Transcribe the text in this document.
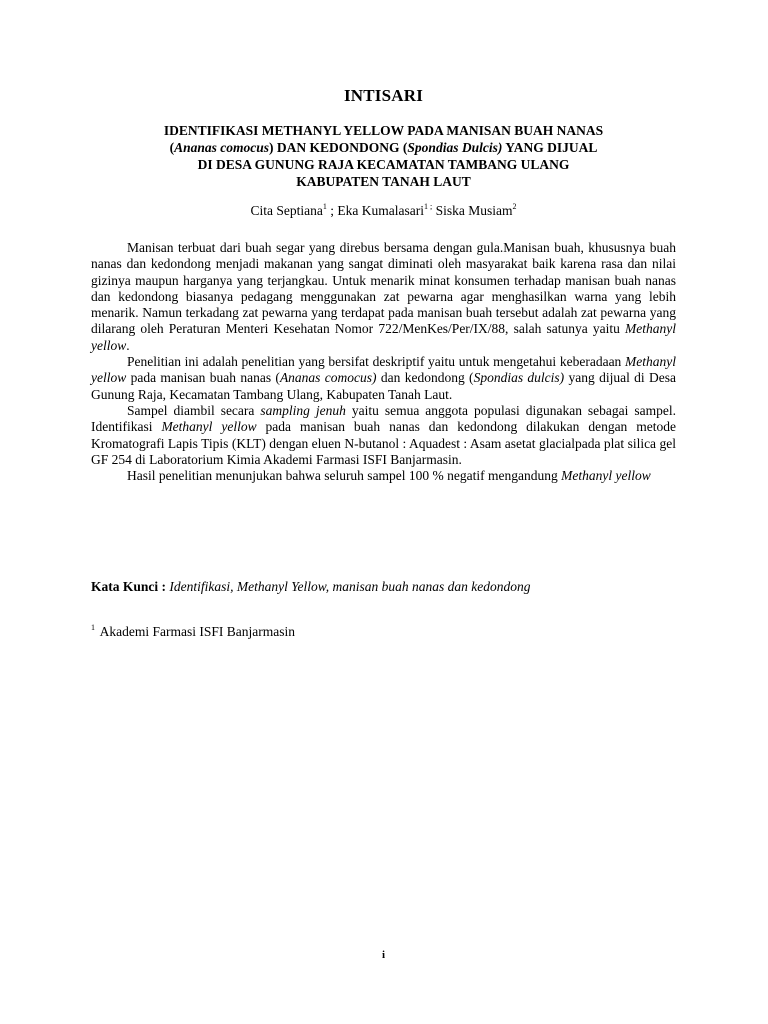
INTISARI
IDENTIFIKASI METHANYL YELLOW PADA MANISAN BUAH NANAS
(Ananas comocus) DAN KEDONDONG (Spondias Dulcis) YANG DIJUAL
DI DESA GUNUNG RAJA KECAMATAN TAMBANG ULANG
KABUPATEN TANAH LAUT
Cita Septiana$^1$ ; Eka Kumalasari$^{1 ;}$ Siska Musiam$^2$

Manisan terbuat dari buah segar yang direbus bersama dengan gula.Manisan buah, khususnya buah nanas dan kedondong menjadi makanan yang sangat diminati oleh masyarakat baik karena rasa dan nilai gizinya maupun harganya yang terjangkau. Untuk menarik minat konsumen terhadap manisan buah nanas dan kedondong biasanya pedagang menggunakan zat pewarna agar menghasilkan warna yang lebih menarik. Namun terkadang zat pewarna yang terdapat pada manisan buah tersebut adalah zat pewarna yang dilarang oleh Peraturan Menteri Kesehatan Nomor 722/MenKes/Per/IX/88, salah satunya yaitu Methanyl yellow.

Penelitian ini adalah penelitian yang bersifat deskriptif yaitu untuk mengetahui keberadaan Methanyl yellow pada manisan buah nanas (Ananas comocus) dan kedondong (Spondias dulcis) yang dijual di Desa Gunung Raja, Kecamatan Tambang Ulang, Kabupaten Tanah Laut.

Sampel diambil secara sampling jenuh yaitu semua anggota populasi digunakan sebagai sampel. Identifikasi Methanyl yellow pada manisan buah nanas dan kedondong dilakukan dengan metode Kromatografi Lapis Tipis (KLT) dengan eluen N-butanol : Aquadest : Asam asetat glacialpada plat silica gel GF 254 di Laboratorium Kimia Akademi Farmasi ISFI Banjarmasin.

Hasil penelitian menunjukan bahwa seluruh sampel 100 % negatif mengandung Methanyl yellow

Kata Kunci : Identifikasi, Methanyl Yellow, manisan buah nanas dan kedondong
$^1$ Akademi Farmasi ISFI Banjarmasin
i
